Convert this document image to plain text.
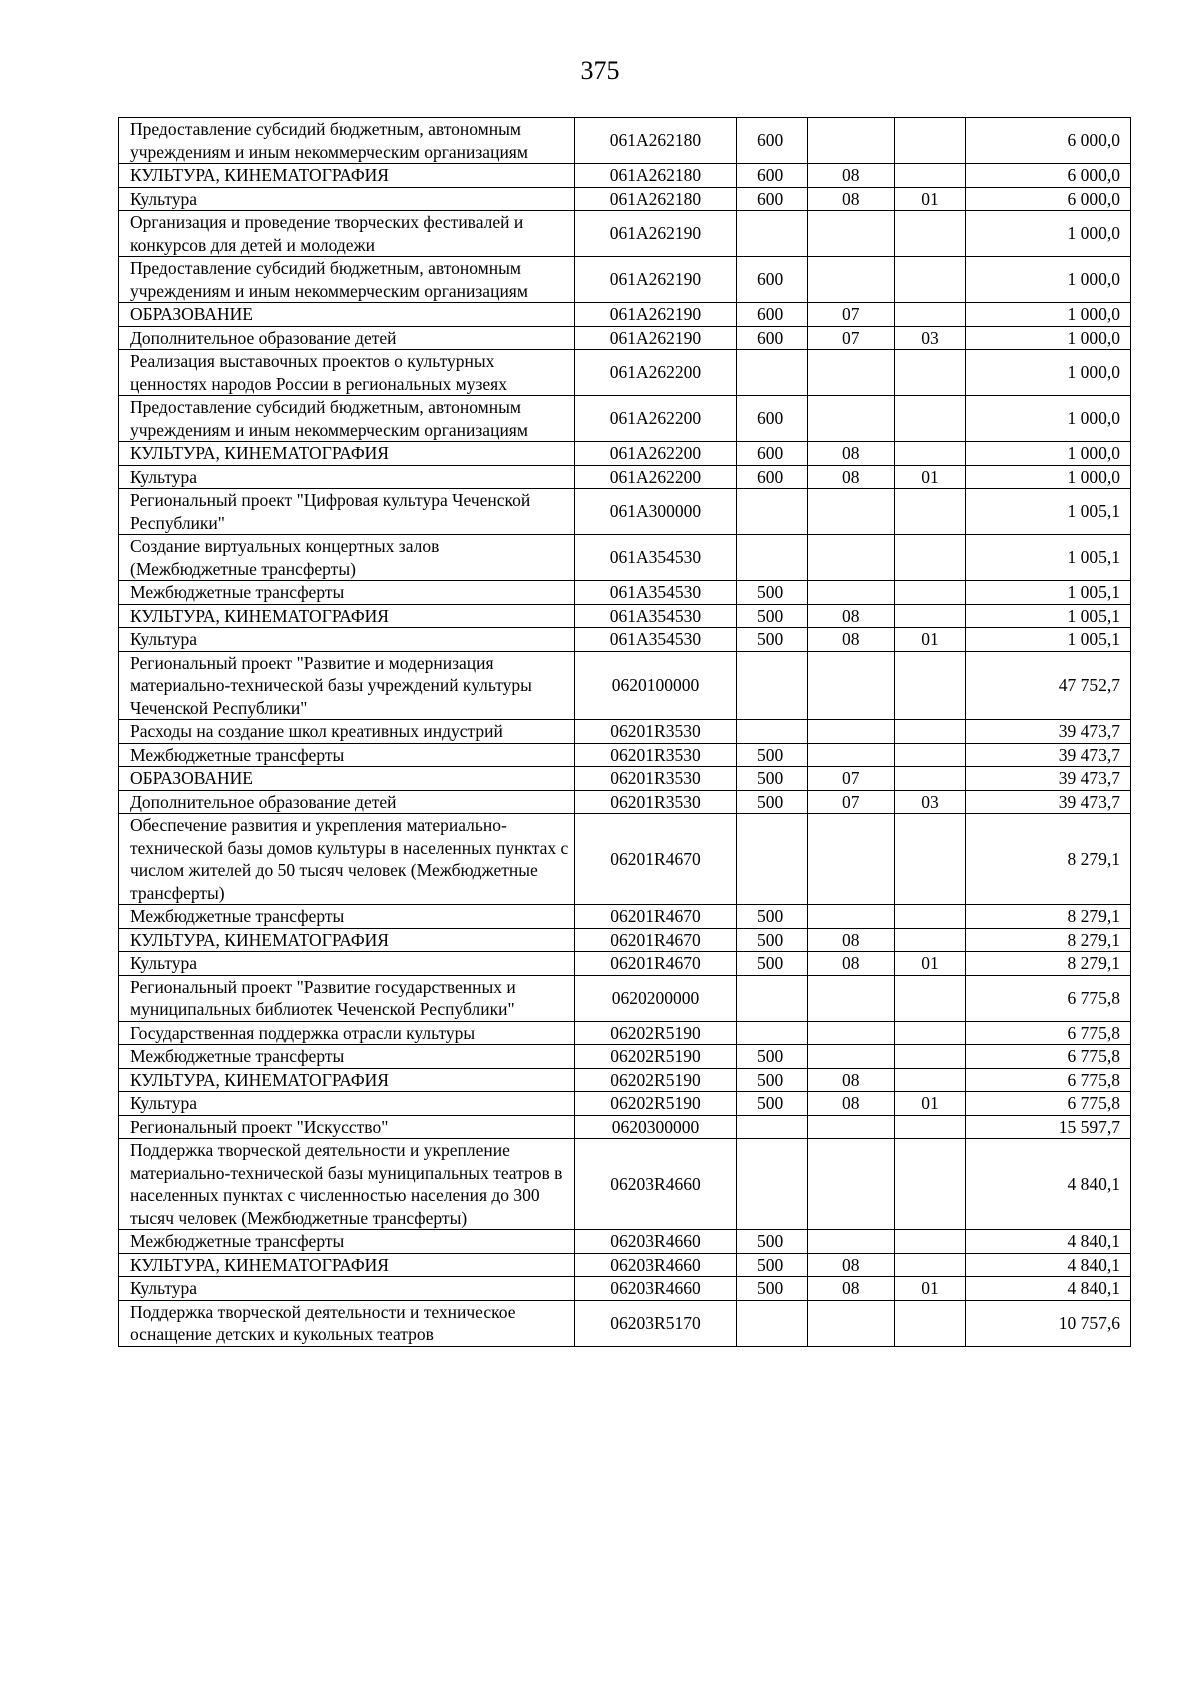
375
Предоставление субсидий бюджетным, автономным учреждениям и иным некоммерческим организациям	061А262180	600			6 000,0
КУЛЬТУРА, КИНЕМАТОГРАФИЯ	061А262180	600	08		6 000,0
Культура	061А262180	600	08	01	6 000,0
Организация и проведение творческих фестивалей и конкурсов для детей и молодежи	061А262190				1 000,0
Предоставление субсидий бюджетным, автономным учреждениям и иным некоммерческим организациям	061А262190	600			1 000,0
ОБРАЗОВАНИЕ	061А262190	600	07		1 000,0
Дополнительное образование детей	061А262190	600	07	03	1 000,0
Реализация выставочных проектов о культурных ценностях народов России в региональных музеях	061А262200				1 000,0
Предоставление субсидий бюджетным, автономным учреждениям и иным некоммерческим организациям	061А262200	600			1 000,0
КУЛЬТУРА, КИНЕМАТОГРАФИЯ	061А262200	600	08		1 000,0
Культура	061А262200	600	08	01	1 000,0
Региональный проект "Цифровая культура Чеченской Республики"	061А300000				1 005,1
Создание виртуальных концертных залов (Межбюджетные трансферты)	061А354530				1 005,1
Межбюджетные трансферты	061А354530	500			1 005,1
КУЛЬТУРА, КИНЕМАТОГРАФИЯ	061А354530	500	08		1 005,1
Культура	061А354530	500	08	01	1 005,1
Региональный проект "Развитие и модернизация материально-технической базы учреждений культуры Чеченской Республики"	0620100000				47 752,7
Расходы на создание школ креативных индустрий	06201R3530				39 473,7
Межбюджетные трансферты	06201R3530	500			39 473,7
ОБРАЗОВАНИЕ	06201R3530	500	07		39 473,7
Дополнительное образование детей	06201R3530	500	07	03	39 473,7
Обеспечение развития и укрепления материально-технической базы домов культуры в населенных пунктах с числом жителей до 50 тысяч человек (Межбюджетные трансферты)	06201R4670				8 279,1
Межбюджетные трансферты	06201R4670	500			8 279,1
КУЛЬТУРА, КИНЕМАТОГРАФИЯ	06201R4670	500	08		8 279,1
Культура	06201R4670	500	08	01	8 279,1
Региональный проект "Развитие государственных и муниципальных библиотек Чеченской Республики"	0620200000				6 775,8
Государственная поддержка отрасли культуры	06202R5190				6 775,8
Межбюджетные трансферты	06202R5190	500			6 775,8
КУЛЬТУРА, КИНЕМАТОГРАФИЯ	06202R5190	500	08		6 775,8
Культура	06202R5190	500	08	01	6 775,8
Региональный проект "Искусство"	0620300000				15 597,7
Поддержка творческой деятельности и укрепление материально-технической базы муниципальных театров в населенных пунктах с численностью населения до 300 тысяч человек (Межбюджетные трансферты)	06203R4660				4 840,1
Межбюджетные трансферты	06203R4660	500			4 840,1
КУЛЬТУРА, КИНЕМАТОГРАФИЯ	06203R4660	500	08		4 840,1
Культура	06203R4660	500	08	01	4 840,1
Поддержка творческой деятельности и техническое оснащение детских и кукольных театров	06203R5170				10 757,6
